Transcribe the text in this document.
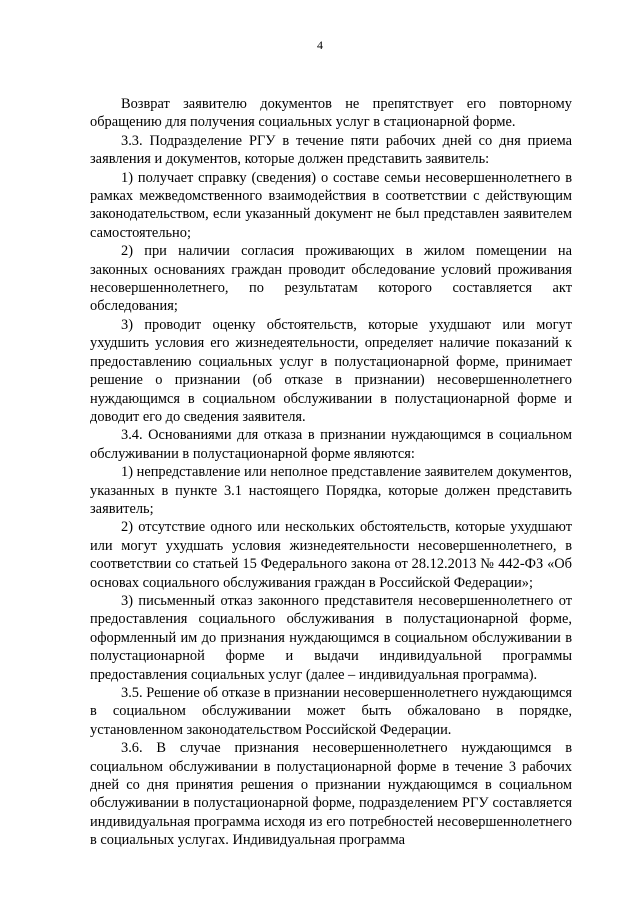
4

Возврат заявителю документов не препятствует его повторному обращению для получения социальных услуг в стационарной форме.

3.3. Подразделение РГУ в течение пяти рабочих дней со дня приема заявления и документов, которые должен представить заявитель:

1) получает справку (сведения) о составе семьи несовершеннолетнего в рамках межведомственного взаимодействия в соответствии с действующим законодательством, если указанный документ не был представлен заявителем самостоятельно;

2) при наличии согласия проживающих в жилом помещении на законных основаниях граждан проводит обследование условий проживания несовершеннолетнего, по результатам которого составляется акт обследования;

3) проводит оценку обстоятельств, которые ухудшают или могут ухудшить условия его жизнедеятельности, определяет наличие показаний к предоставлению социальных услуг в полустационарной форме, принимает решение о признании (об отказе в признании) несовершеннолетнего нуждающимся в социальном обслуживании в полустационарной форме и доводит его до сведения заявителя.

3.4. Основаниями для отказа в признании нуждающимся в социальном обслуживании в полустационарной форме являются:

1) непредставление или неполное представление заявителем документов, указанных в пункте 3.1 настоящего Порядка, которые должен представить заявитель;

2) отсутствие одного или нескольких обстоятельств, которые ухудшают или могут ухудшать условия жизнедеятельности несовершеннолетнего, в соответствии со статьей 15 Федерального закона от 28.12.2013 № 442-ФЗ «Об основах социального обслуживания граждан в Российской Федерации»;

3) письменный отказ законного представителя несовершеннолетнего от предоставления социального обслуживания в полустационарной форме, оформленный им до признания нуждающимся в социальном обслуживании в полустационарной форме и выдачи индивидуальной программы предоставления социальных услуг (далее – индивидуальная программа).

3.5. Решение об отказе в признании несовершеннолетнего нуждающимся в социальном обслуживании может быть обжаловано в порядке, установленном законодательством Российской Федерации.

3.6. В случае признания несовершеннолетнего нуждающимся в социальном обслуживании в полустационарной форме в течение 3 рабочих дней со дня принятия решения о признании нуждающимся в социальном обслуживании в полустационарной форме, подразделением РГУ составляется индивидуальная программа исходя из его потребностей несовершеннолетнего в социальных услугах. Индивидуальная программа
